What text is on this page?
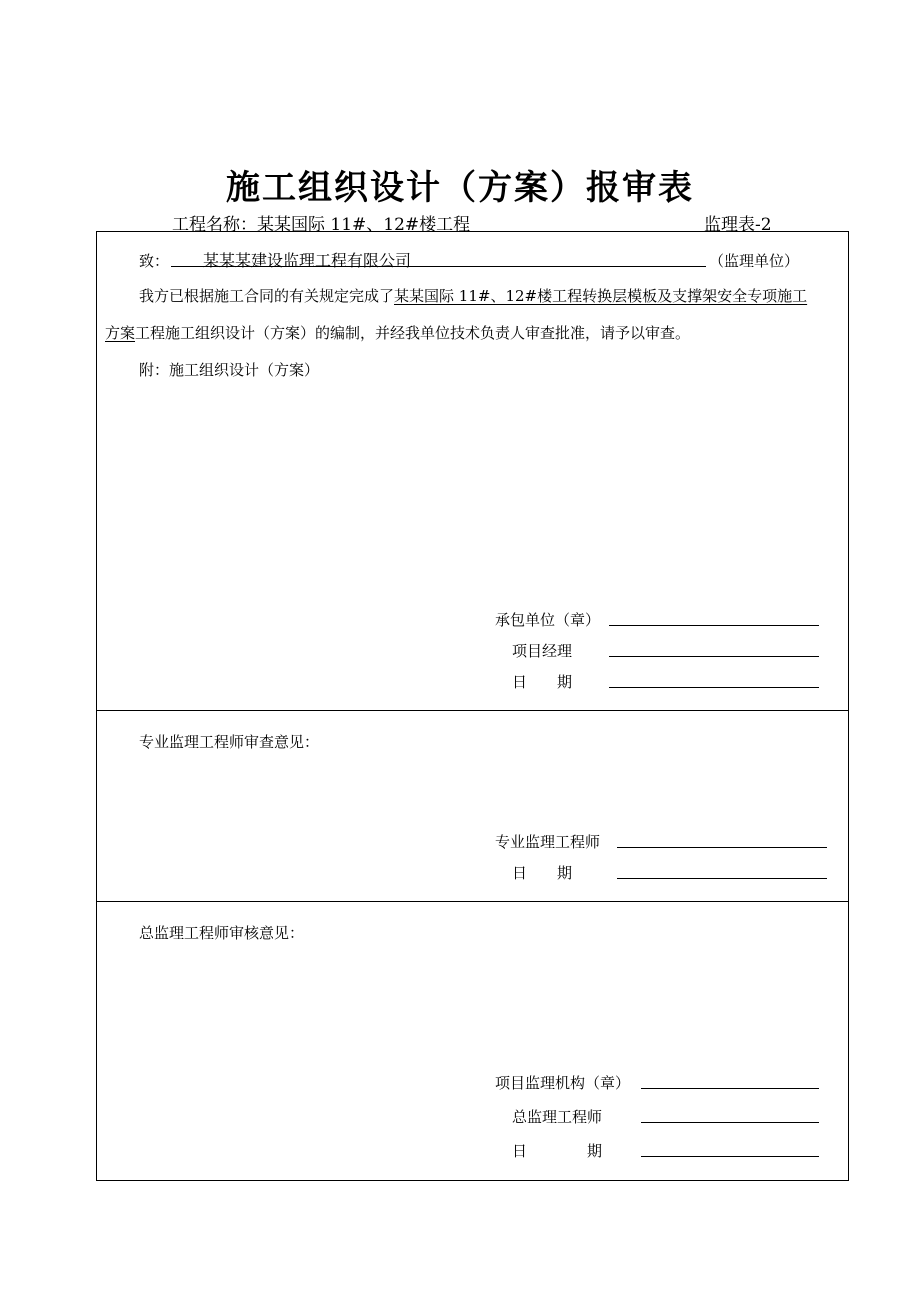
施工组织设计（方案）报审表
工程名称：某某国际 11#、12#楼工程	监理表-2
致： 某某某建设监理工程有限公司	（监理单位）
我方已根据施工合同的有关规定完成了某某国际 11#、12#楼工程转换层模板及支撑架安全专项施工
方案工程施工组织设计（方案）的编制，并经我单位技术负责人审查批准，请予以审查。
附：施工组织设计（方案）
承包单位（章）
项目经理
日　　期
专业监理工程师审查意见：
专业监理工程师
日　　期
总监理工程师审核意见：
项目监理机构（章）
总监理工程师
日　　　　期
